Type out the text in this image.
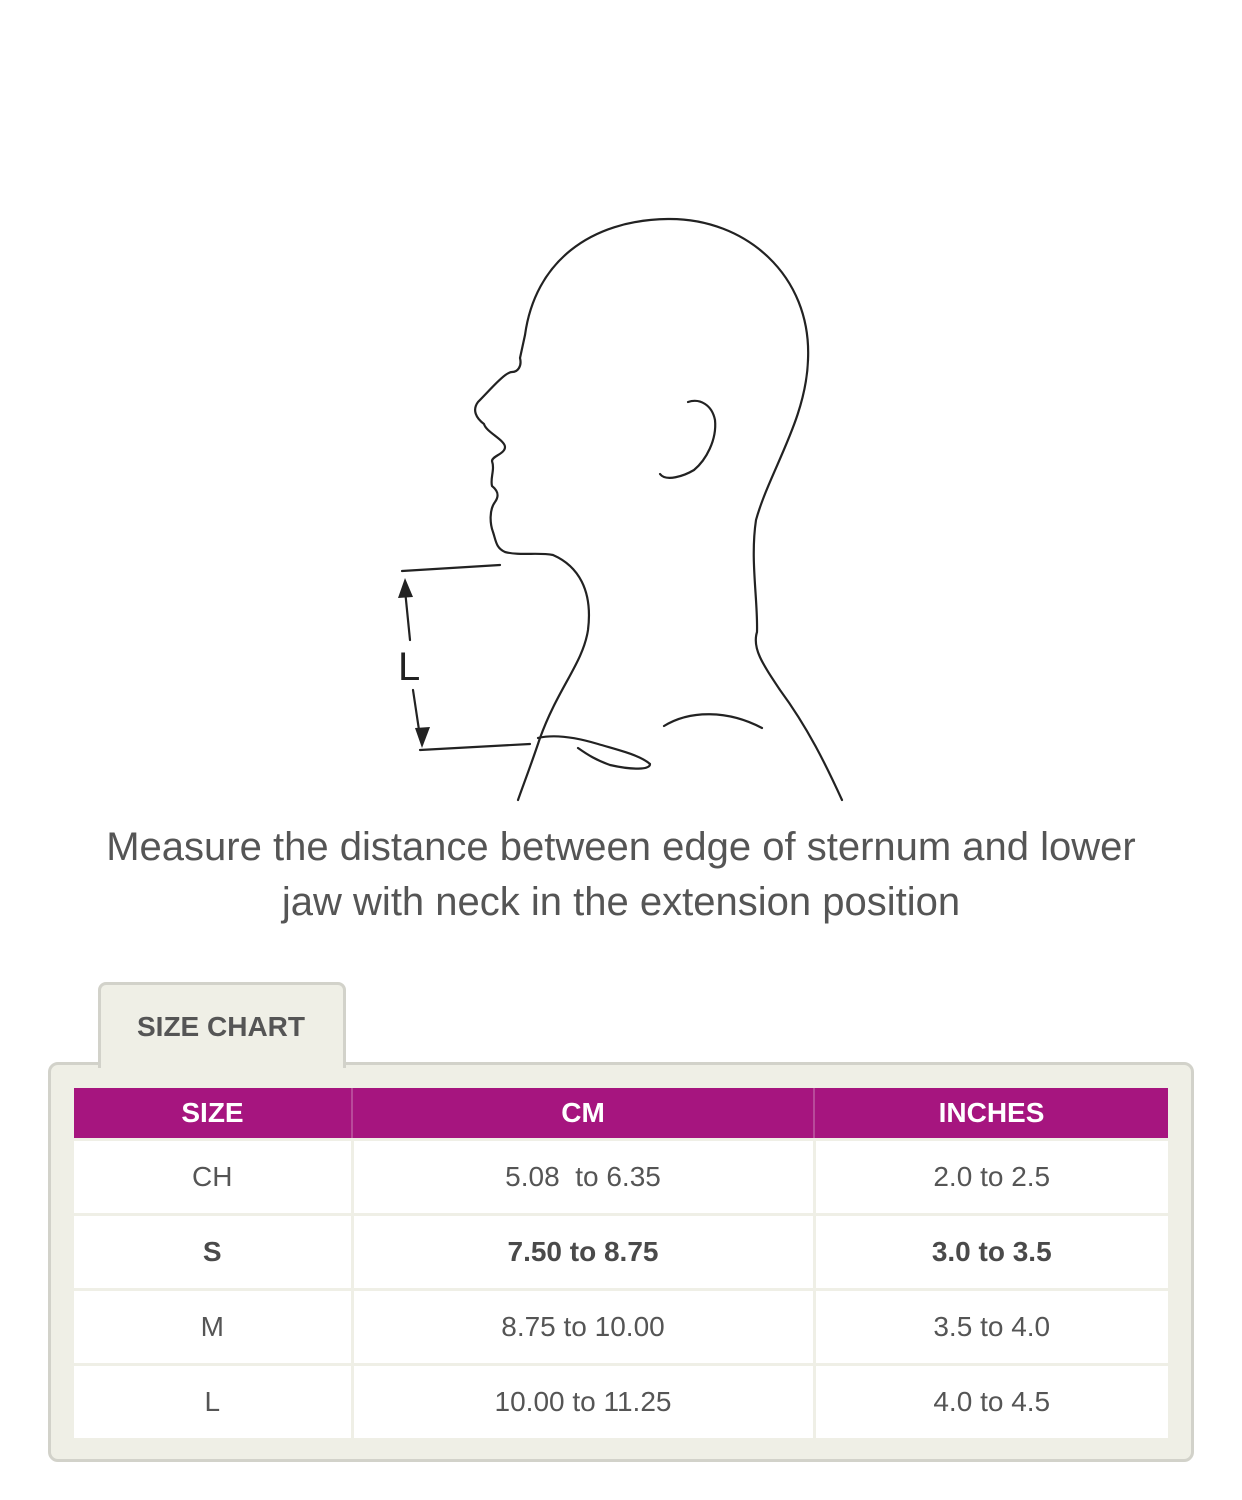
L
Measure the distance between edge of sternum and lower
jaw with neck in the extension position
SIZE CHART
SIZE	CM	INCHES
CH	5.08  to 6.35	2.0 to 2.5
S	7.50 to 8.75	3.0 to 3.5
M	8.75 to 10.00	3.5 to 4.0
L	10.00 to 11.25	4.0 to 4.5
